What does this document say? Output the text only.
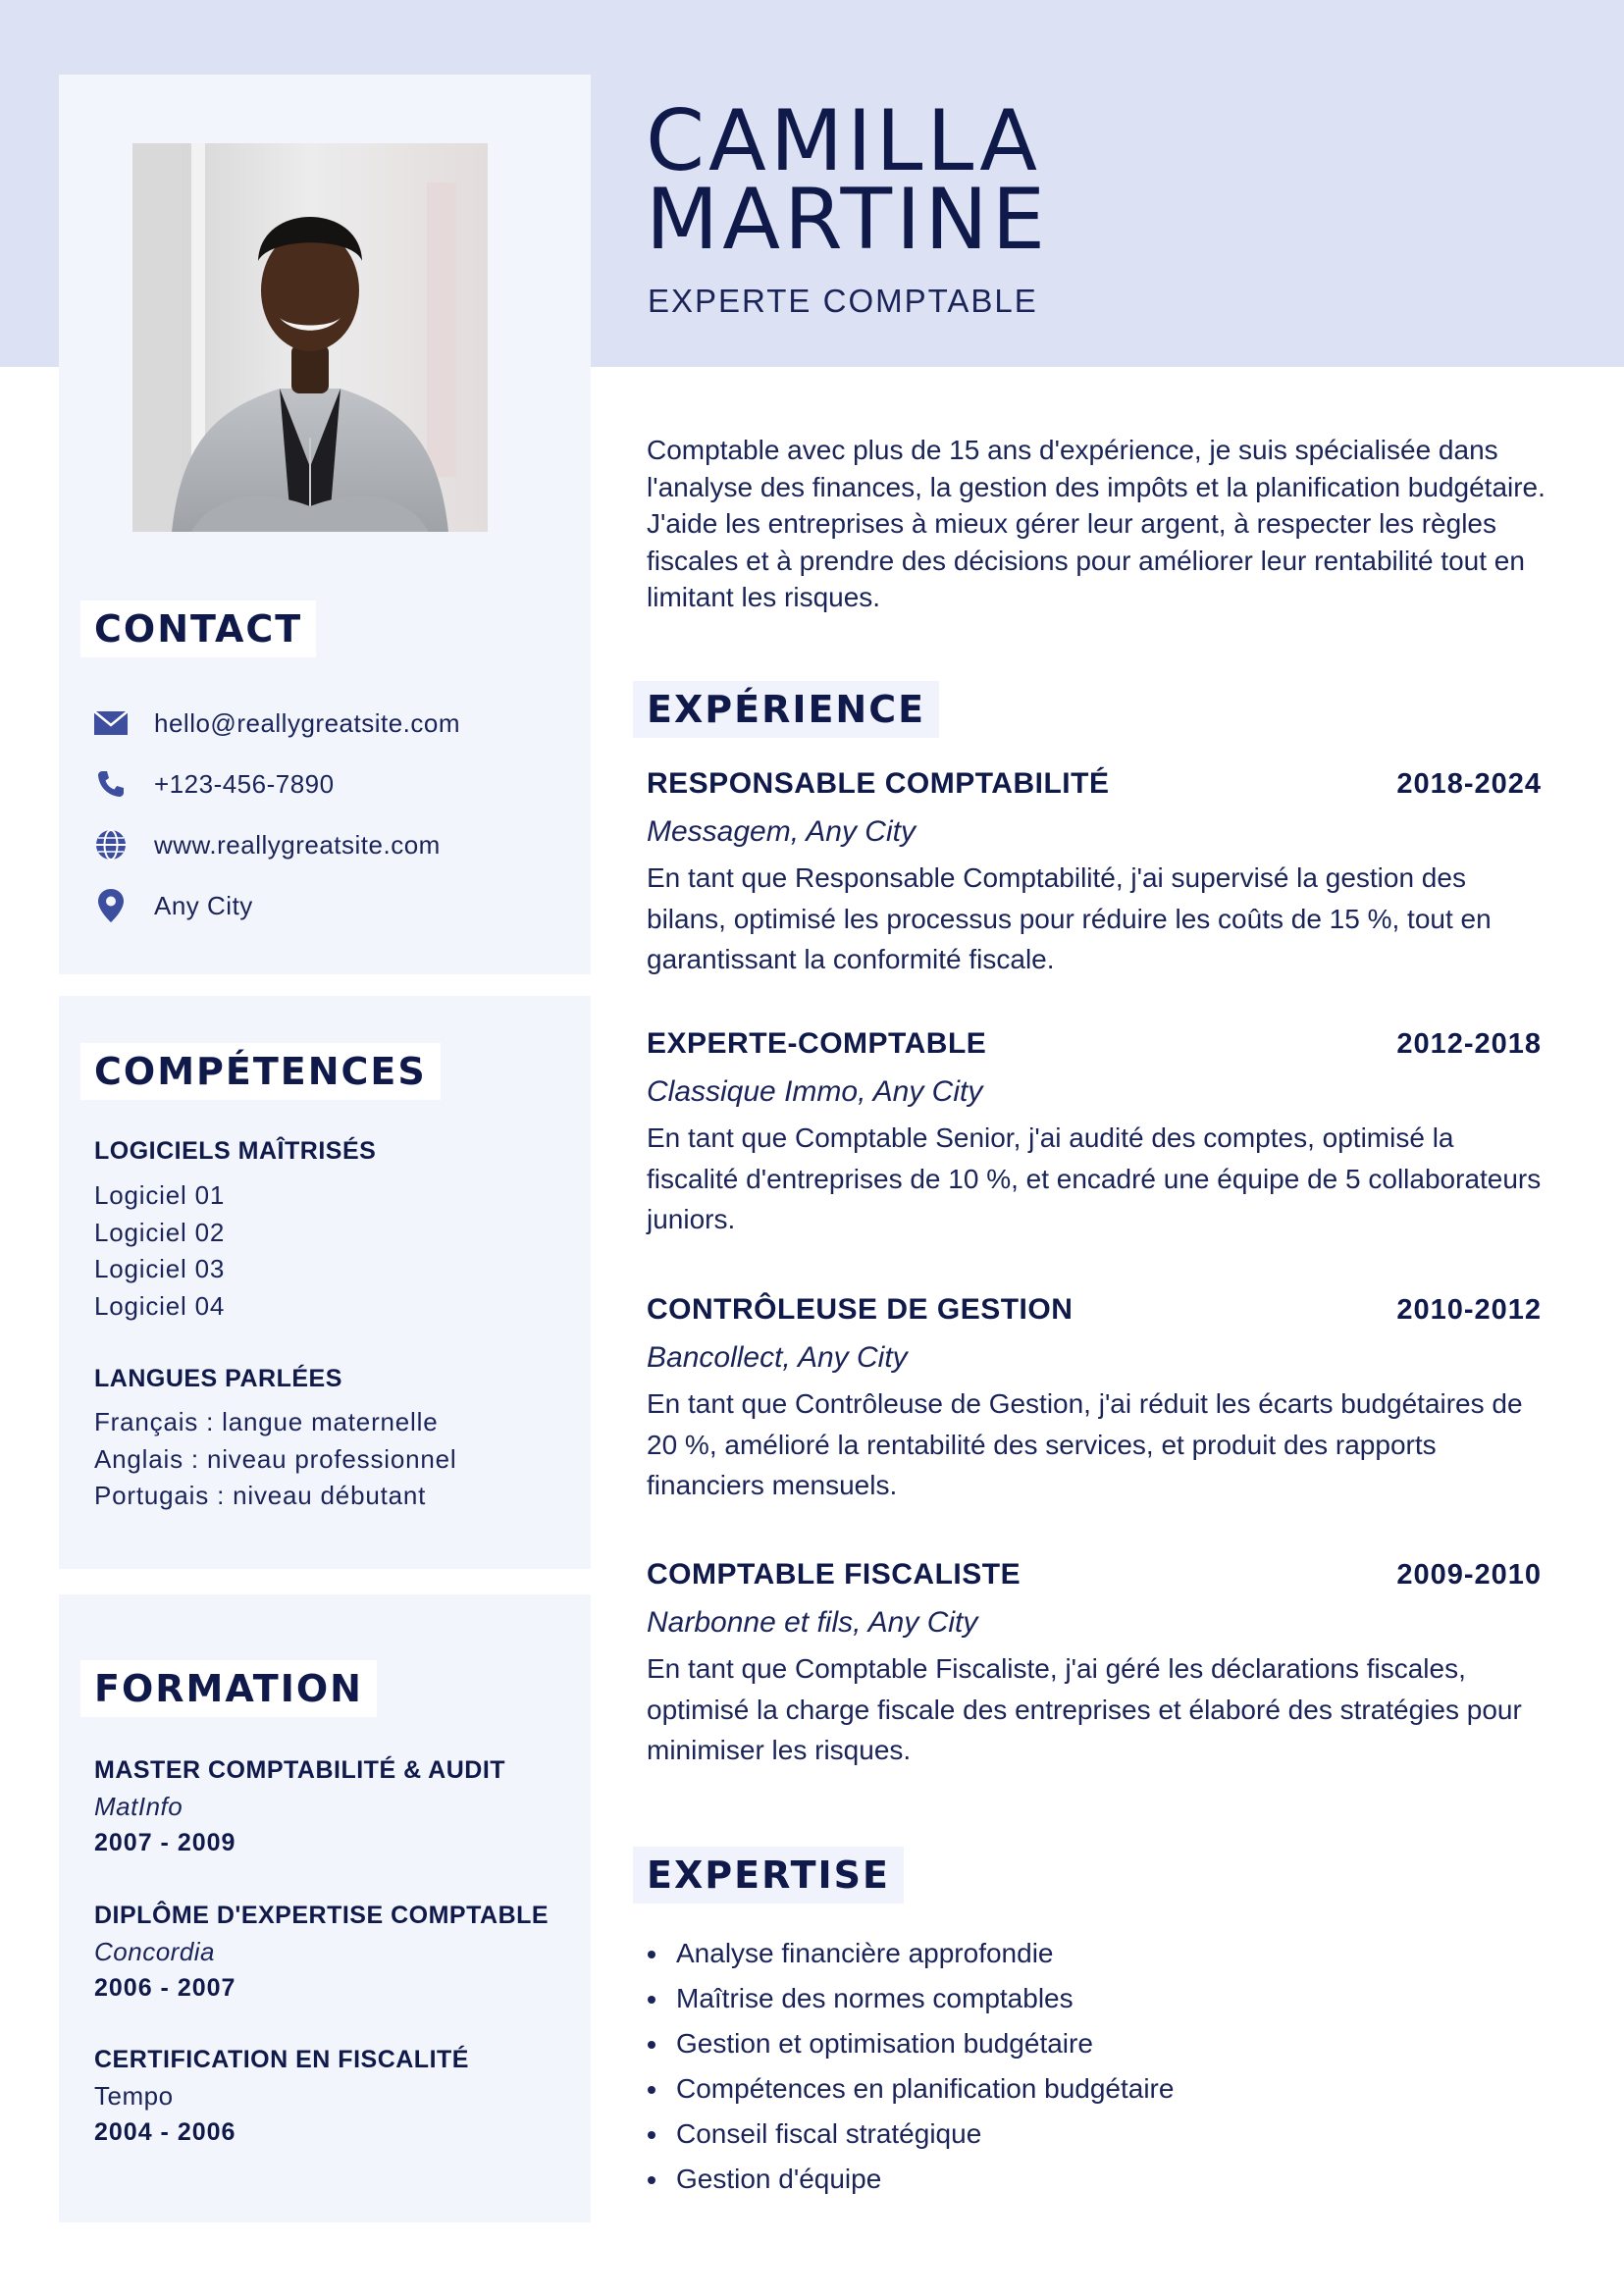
CONTACT
hello@reallygreatsite.com
+123-456-7890
www.reallygreatsite.com
Any City
COMPÉTENCES
LOGICIELS MAÎTRISÉS
Logiciel 01
Logiciel 02
Logiciel 03
Logiciel 04
LANGUES PARLÉES
Français : langue maternelle
Anglais : niveau professionnel
Portugais : niveau débutant
FORMATION
MASTER COMPTABILITÉ & AUDIT
MatInfo
2007 - 2009
DIPLÔME D'EXPERTISE COMPTABLE
Concordia
2006 - 2007
CERTIFICATION EN FISCALITÉ
Tempo
2004 - 2006
CAMILLA
MARTINE

EXPERTE COMPTABLE

Comptable avec plus de 15 ans d'expérience, je suis spécialisée dans l'analyse des finances, la gestion des impôts et la planification budgétaire. J'aide les entreprises à mieux gérer leur argent, à respecter les règles fiscales et à prendre des décisions pour améliorer leur rentabilité tout en limitant les risques.

EXPÉRIENCE
RESPONSABLE COMPTABILITÉ	2018-2024
Messagem, Any City

En tant que Responsable Comptabilité, j'ai supervisé la gestion des bilans, optimisé les processus pour réduire les coûts de 15 %, tout en garantissant la conformité fiscale.

EXPERTE-COMPTABLE	2012-2018
Classique Immo, Any City

En tant que Comptable Senior, j'ai audité des comptes, optimisé la fiscalité d'entreprises de 10 %, et encadré une équipe de 5 collaborateurs juniors.

CONTRÔLEUSE DE GESTION	2010-2012
Bancollect, Any City

En tant que Contrôleuse de Gestion, j'ai réduit les écarts budgétaires de 20 %, amélioré la rentabilité des services, et produit des rapports financiers mensuels.

COMPTABLE FISCALISTE	2009-2010
Narbonne et fils, Any City

En tant que Comptable Fiscaliste, j'ai géré les déclarations fiscales, optimisé la charge fiscale des entreprises et élaboré des stratégies pour minimiser les risques.

EXPERTISE
• Analyse financière approfondie
• Maîtrise des normes comptables
• Gestion et optimisation budgétaire
• Compétences en planification budgétaire
• Conseil fiscal stratégique
• Gestion d'équipe
